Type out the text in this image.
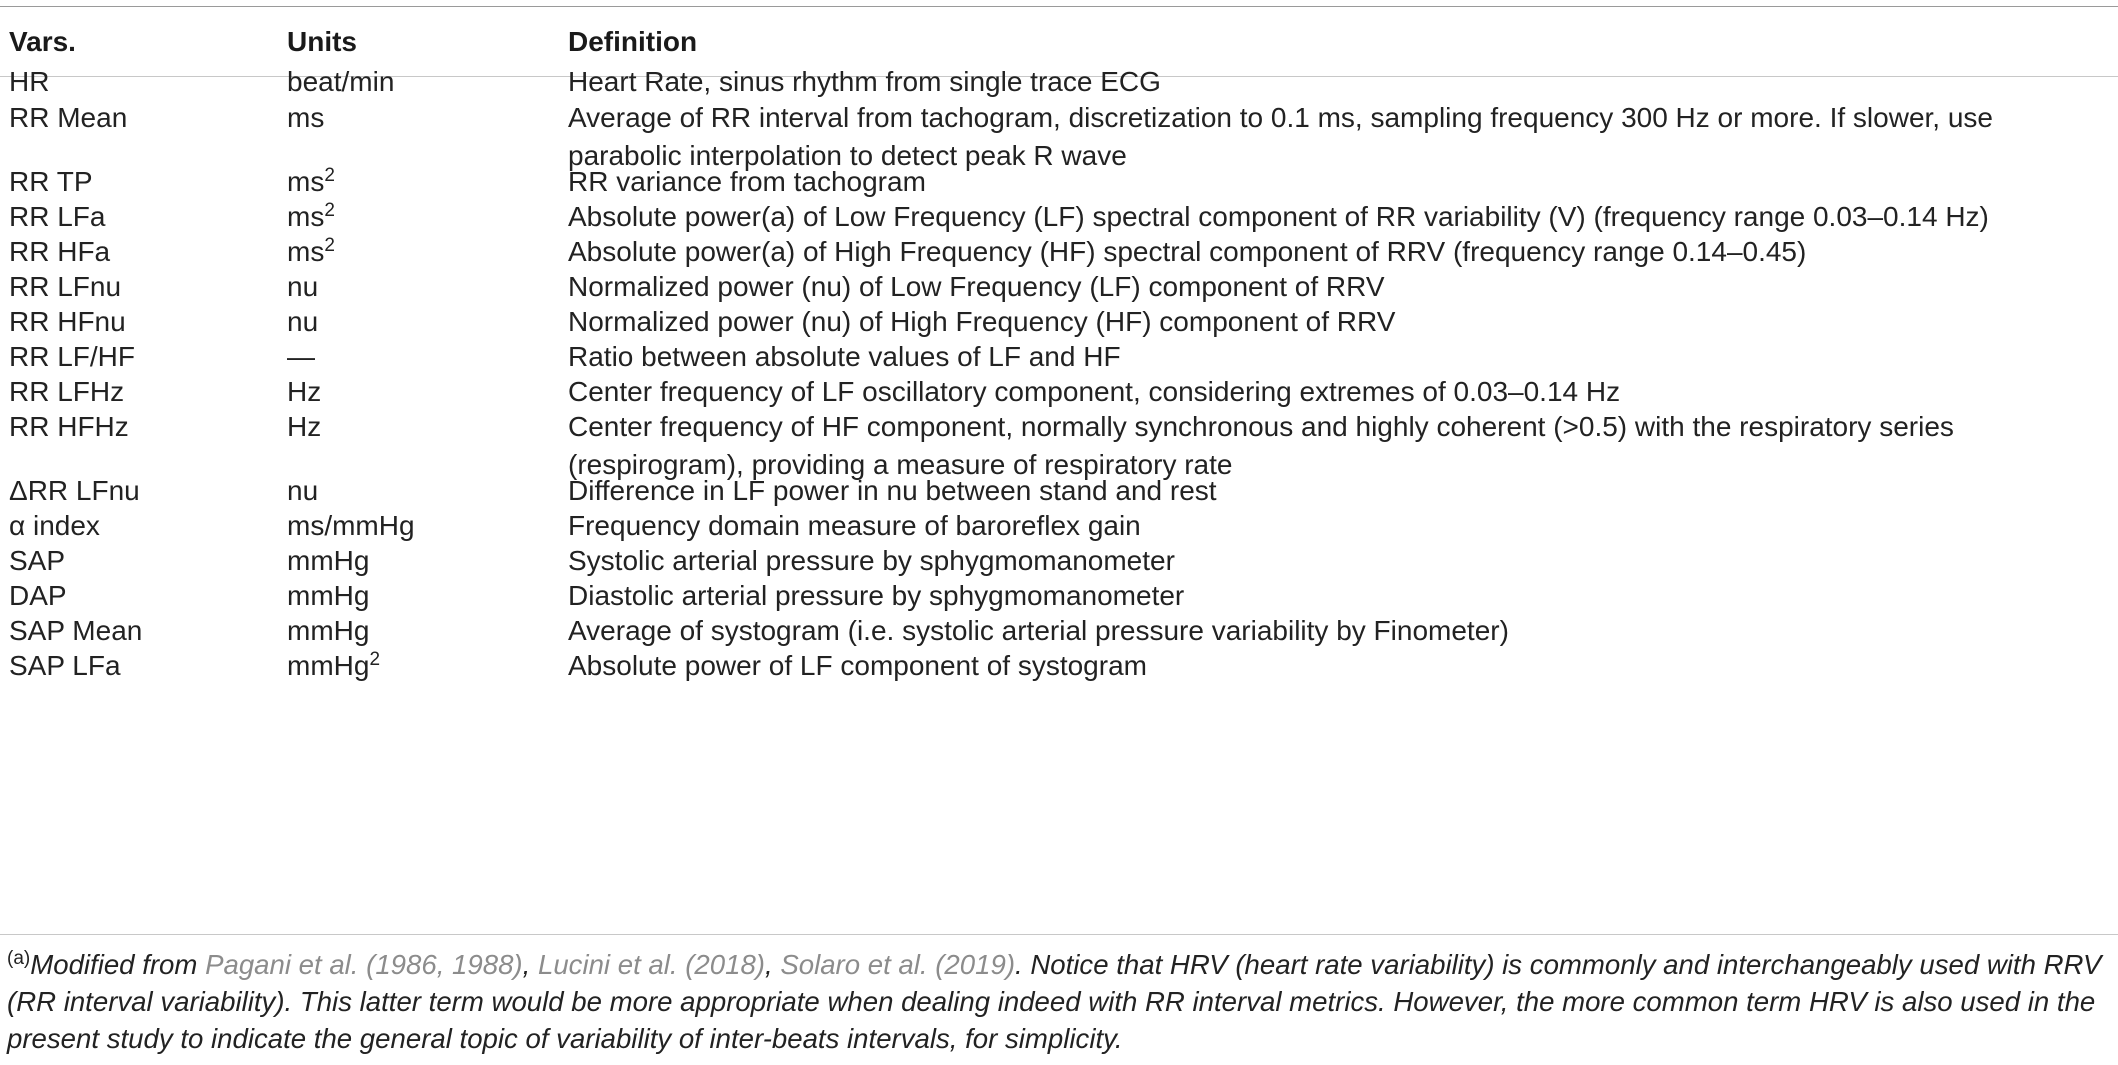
Vars.	Units	Definition
HR	beat/min	Heart Rate, sinus rhythm from single trace ECG
RR Mean	ms	Average of RR interval from tachogram, discretization to 0.1 ms, sampling frequency 300 Hz or more. If slower, use parabolic interpolation to detect peak R wave
RR TP	$ms^2$	RR variance from tachogram
RR LFa	$ms^2$	Absolute power(a) of Low Frequency (LF) spectral component of RR variability (V) (frequency range 0.03–0.14 Hz)
RR HFa	$ms^2$	Absolute power(a) of High Frequency (HF) spectral component of RRV (frequency range 0.14–0.45)
RR LFnu	nu	Normalized power (nu) of Low Frequency (LF) component of RRV
RR HFnu	nu	Normalized power (nu) of High Frequency (HF) component of RRV
RR LF/HF	—	Ratio between absolute values of LF and HF
RR LFHz	Hz	Center frequency of LF oscillatory component, considering extremes of 0.03–0.14 Hz
RR HFHz	Hz	Center frequency of HF component, normally synchronous and highly coherent (>0.5) with the respiratory series (respirogram), providing a measure of respiratory rate
ΔRR LFnu	nu	Difference in LF power in nu between stand and rest
α index	ms/mmHg	Frequency domain measure of baroreflex gain
SAP	mmHg	Systolic arterial pressure by sphygmomanometer
DAP	mmHg	Diastolic arterial pressure by sphygmomanometer
SAP Mean	mmHg	Average of systogram (i.e. systolic arterial pressure variability by Finometer)
SAP LFa	mmHg$^2$	Absolute power of LF component of systogram
$^{(a)}$Modified from Pagani et al. (1986, 1988), Lucini et al. (2018), Solaro et al. (2019). Notice that HRV (heart rate variability) is commonly and interchangeably used with RRV (RR interval variability). This latter term would be more appropriate when dealing indeed with RR interval metrics. However, the more common term HRV is also used in the present study to indicate the general topic of variability of inter-beats intervals, for simplicity.
